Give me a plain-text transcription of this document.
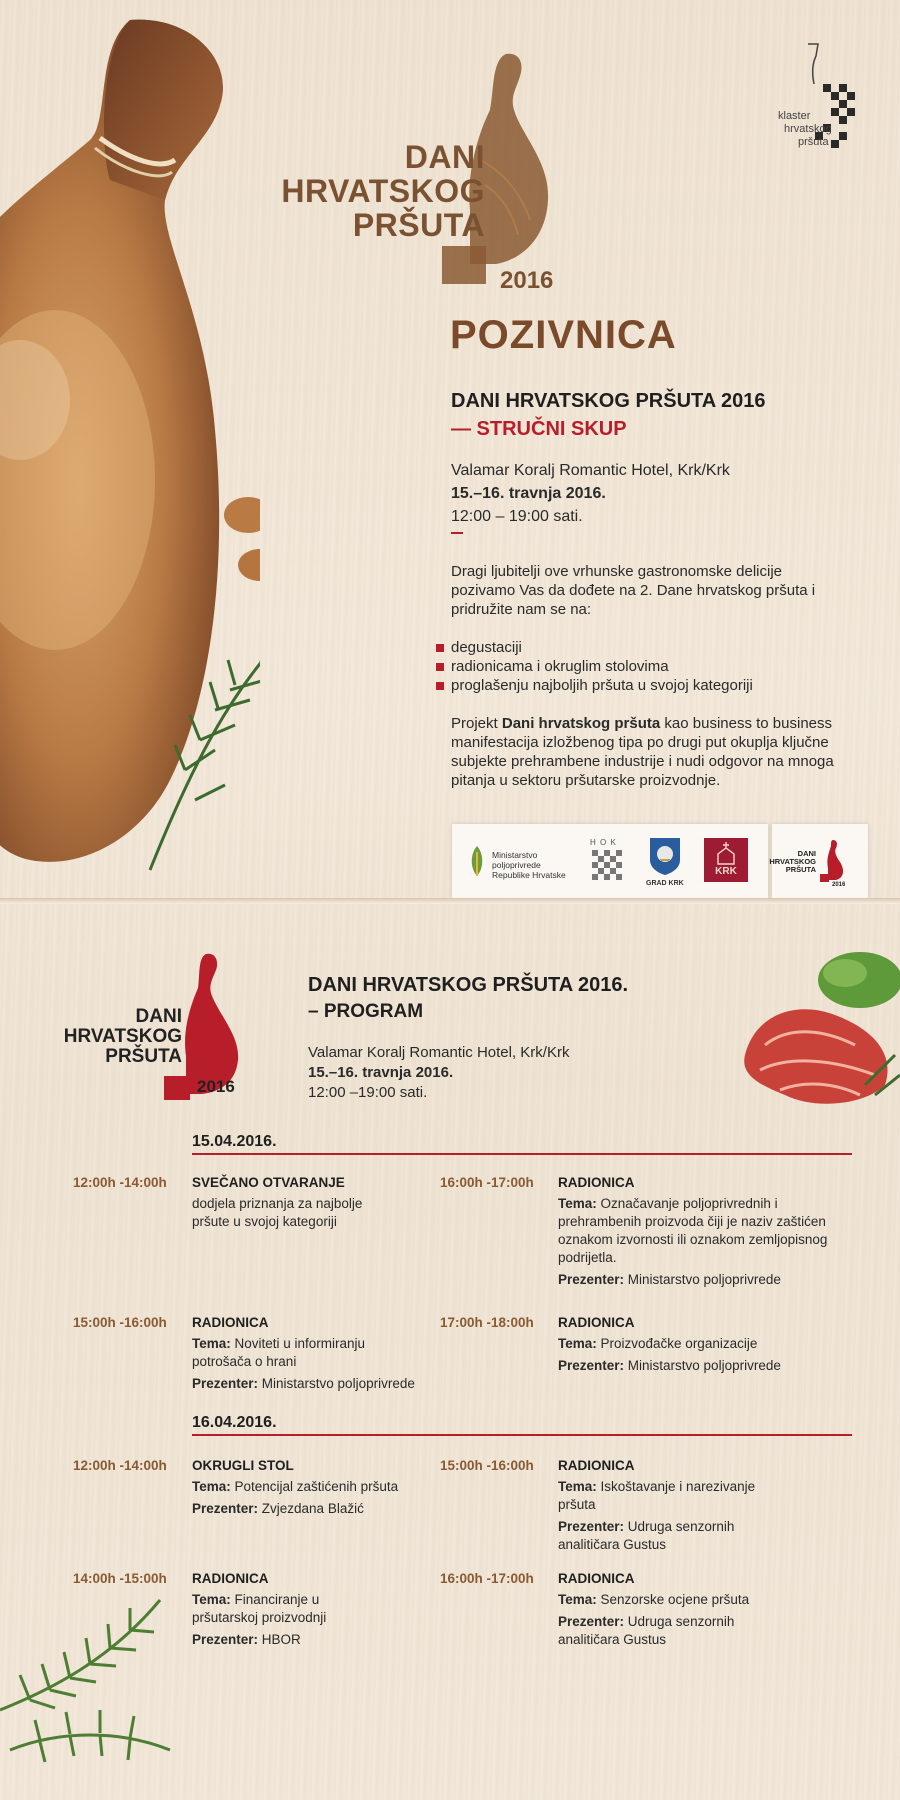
DANI
HRVATSKOG
PRŠUTA
2016
POZIVNICA
klaster
hrvatskog
pršuta
DANI HRVATSKOG PRŠUTA 2016
— STRUČNI SKUP
Valamar Koralj Romantic Hotel, Krk/Krk
15.–16. travnja 2016.
12:00 – 19:00 sati.
Dragi ljubitelji ove vrhunske gastronomske delicije pozivamo Vas da dođete na 2. Dane hrvatskog pršuta i pridružite nam se na:
degustaciji
radionicama i okruglim stolovima
proglašenju najboljih pršuta u svojoj kategoriji
Projekt Dani hrvatskog pršuta kao business to business manifestacija izložbenog tipa po drugi put okuplja ključne subjekte prehrambene industrije i nudi odgovor na mnoga pitanja u sektoru pršutarske proizvodnje.
Ministarstvo
poljoprivrede
Republike Hrvatske
H O K
GRAD KRK
KRK
DANI
HRVATSKOG
PRŠUTA
2016
DANI
HRVATSKOG
PRŠUTA
2016
DANI HRVATSKOG PRŠUTA 2016.
– PROGRAM
Valamar Koralj Romantic Hotel, Krk/Krk
15.–16. travnja 2016.
12:00 –19:00 sati.
15.04.2016.
12:00h -14:00h SVEČANO OTVARANJE
dodjela priznanja za najbolje pršute u svojoj kategoriji
16:00h -17:00h RADIONICA
Tema: Označavanje poljoprivrednih i prehrambenih proizvoda čiji je naziv zaštićen oznakom izvornosti ili oznakom zemljopisnog podrijetla.
Prezenter: Ministarstvo poljoprivrede
15:00h -16:00h RADIONICA
Tema: Noviteti u informiranju potrošača o hrani
Prezenter: Ministarstvo poljoprivrede
17:00h -18:00h RADIONICA
Tema: Proizvođačke organizacije
Prezenter: Ministarstvo poljoprivrede
16.04.2016.
12:00h -14:00h OKRUGLI STOL
Tema: Potencijal zaštićenih pršuta
Prezenter: Zvjezdana Blažić
15:00h -16:00h RADIONICA
Tema: Iskoštavanje i narezivanje pršuta
Prezenter: Udruga senzornih analitičara Gustus
14:00h -15:00h RADIONICA
Tema: Financiranje u pršutarskoj proizvodnji
Prezenter: HBOR
16:00h -17:00h RADIONICA
Tema: Senzorske ocjene pršuta
Prezenter: Udruga senzornih analitičara Gustus
